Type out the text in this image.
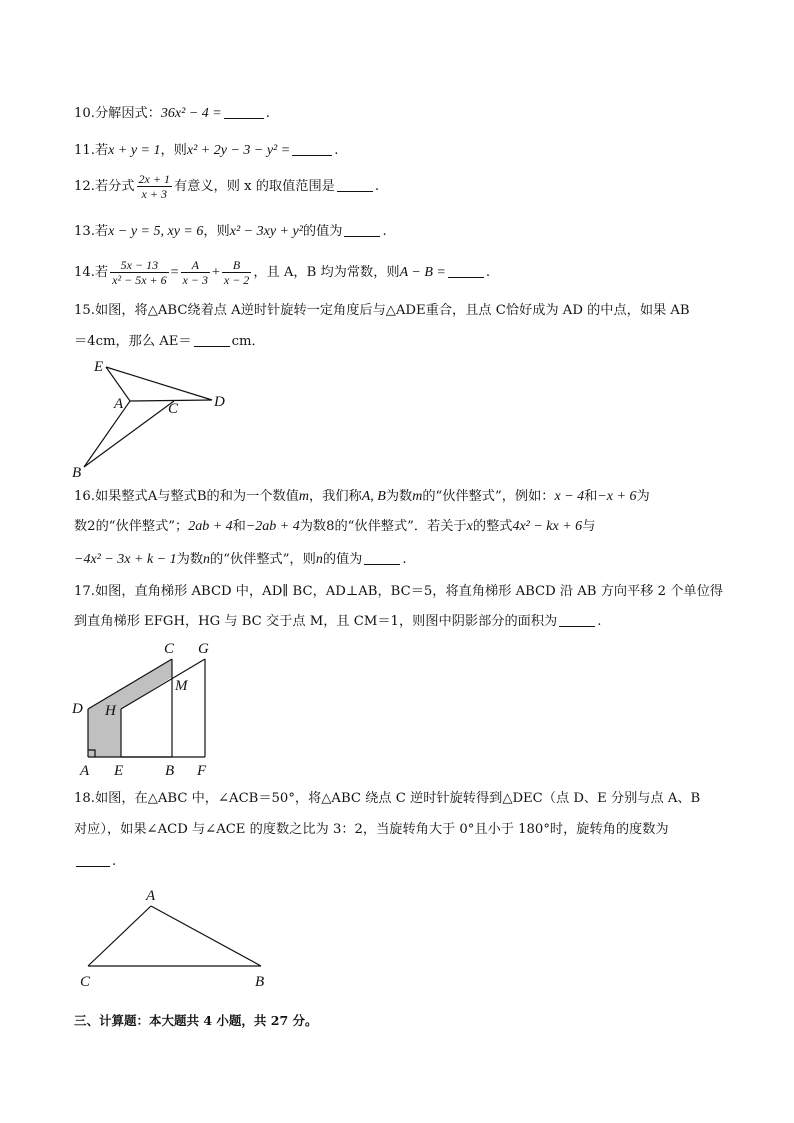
10.分解因式：36x² − 4 =	.
11.若x + y = 1，则x² + 2y − 3 − y² =	.
12.若分式 $\frac{2x + 1}{x + 3}$ 有意义，则 x 的取值范围是	.
13.若x − y = 5, xy = 6，则x² − 3xy + y²的值为	.
14.若 $\frac{5x - 13}{\text{x² − 5x + 6}} = \frac{A}{x - 3} + \frac{B}{x - 2}$ ，且 A，B 均为常数，则A − B =	.
15.如图，将△ABC绕着点 A逆时针旋转一定角度后与△ADE重合，且点 C恰好成为 AD 的中点，如果 AB
＝4cm，那么 AE＝	cm．
E
A	C D
B
16.如果整式A与整式B的和为一个数值m，我们称A, B为数m的“伙伴整式”，例如：x − 4和−x + 6为
数2的“伙伴整式”；2ab + 4和−2ab + 4为数8的“伙伴整式”．若关于x的整式4x² − kx + 6与
−4x² − 3x + k − 1为数n的“伙伴整式”，则n的值为	.
17.如图，直角梯形 ABCD 中，AD∥ BC，AD⊥AB，BC＝5，将直角梯形 ABCD 沿 AB 方向平移 2 个单位得
到直角梯形 EFGH，HG 与 BC 交于点 M，且 CM＝1，则图中阴影部分的面积为	.
C G
M
D H
A E	B F
18.如图，在△ABC 中，∠ACB＝50°，将△ABC 绕点 C 逆时针旋转得到△DEC（点 D、E 分别与点 A、B
对应），如果∠ACD 与∠ACE 的度数之比为 3：2，当旋转角大于 0°且小于 180°时，旋转角的度数为
.
A
C	B
三、计算题：本大题共 4 小题，共 27 分。
